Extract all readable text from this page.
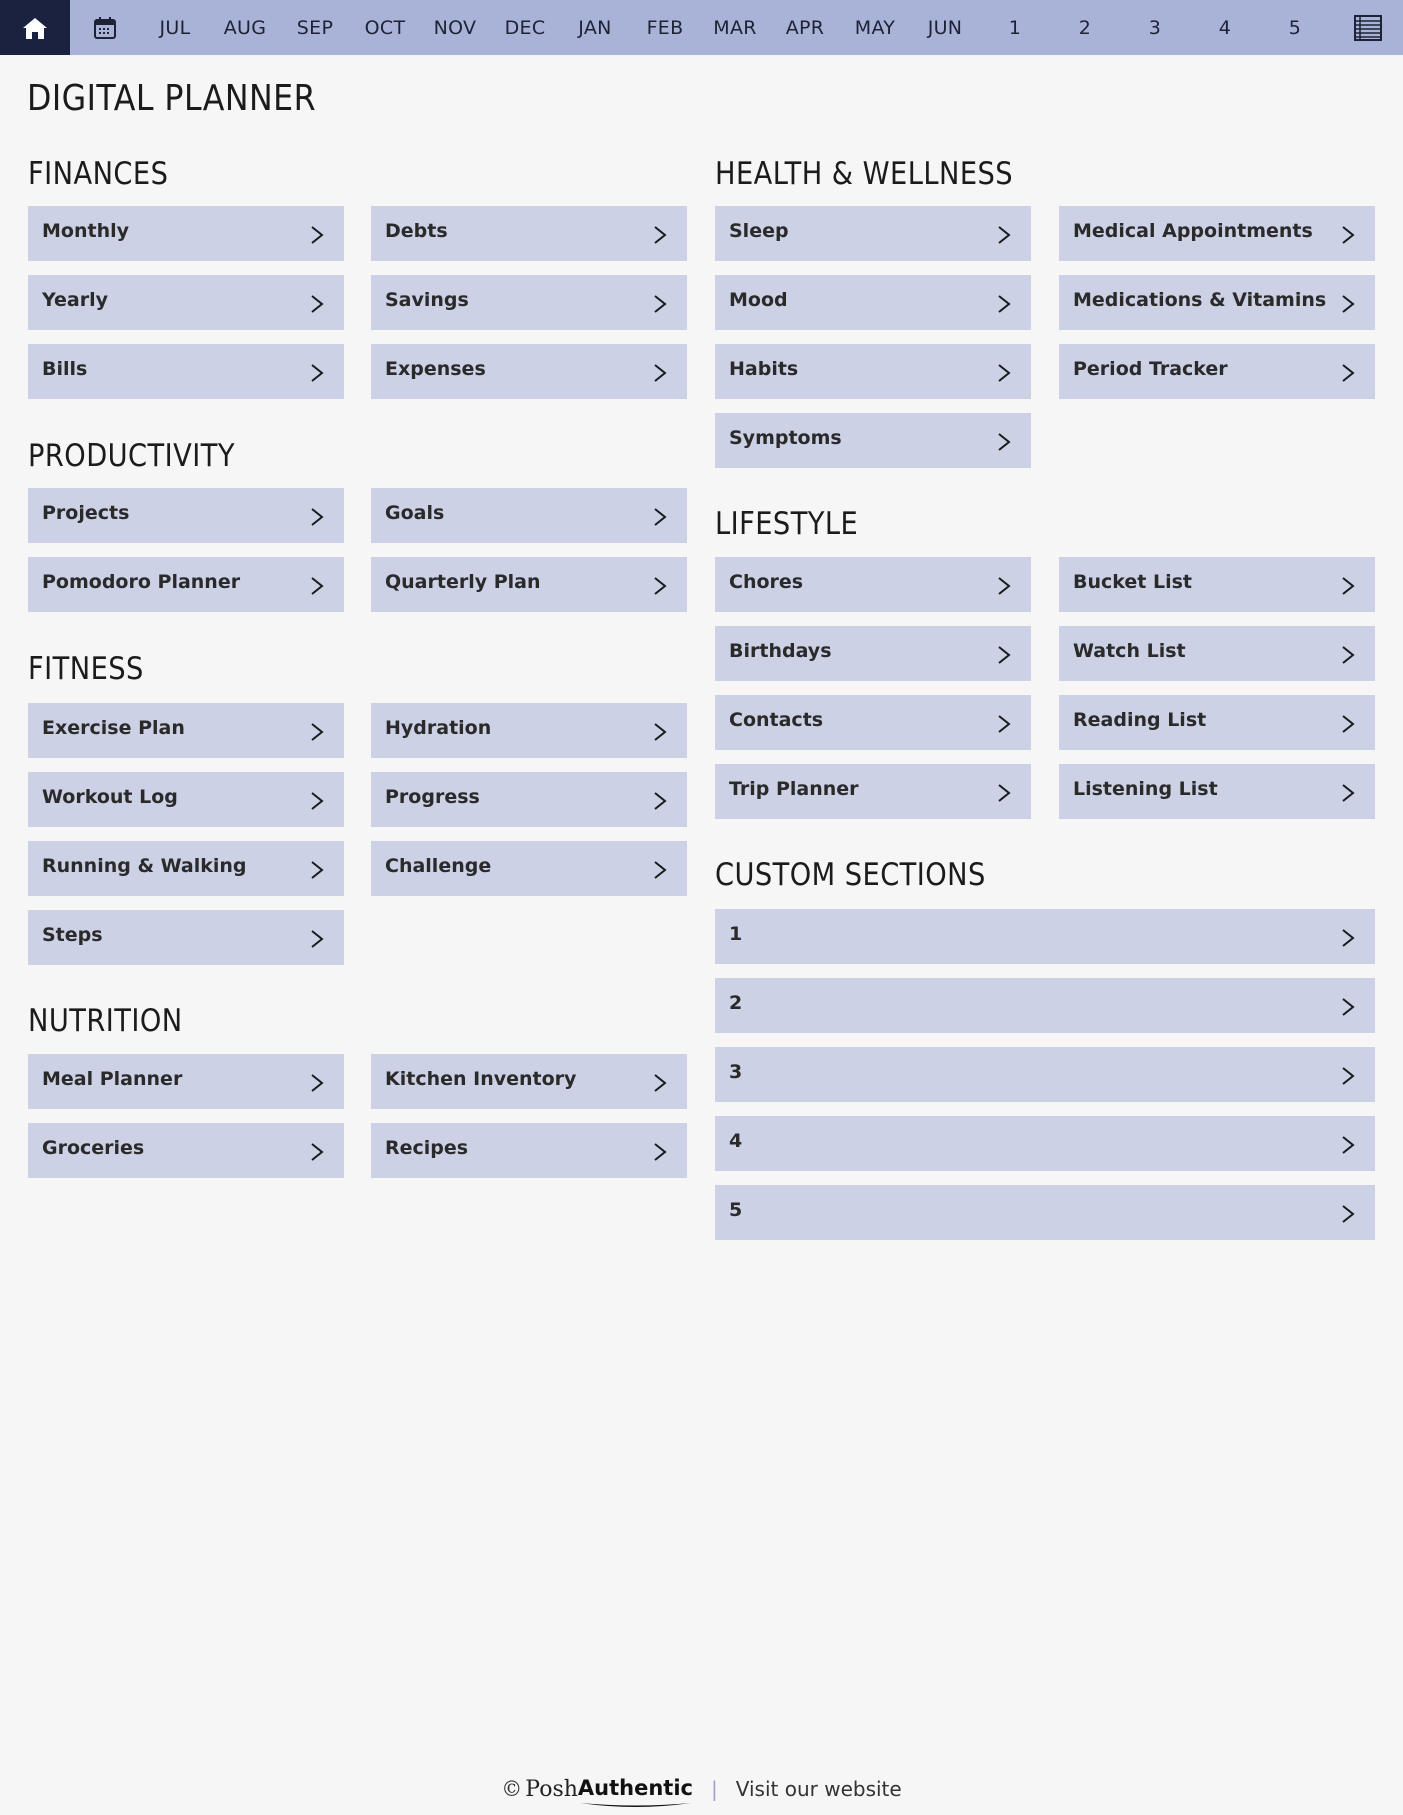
JUL	AUG	SEP	OCT	NOV	DEC	JAN	FEB	MAR	APR	MAY	JUN	1	2	3	4	5
DIGITAL PLANNER
FINANCES
Monthly	Debts
Yearly	Savings
Bills	Expenses
PRODUCTIVITY
Projects	Goals
Pomodoro Planner	Quarterly Plan
FITNESS
Exercise Plan	Hydration
Workout Log	Progress
Running & Walking	Challenge
Steps
NUTRITION
Meal Planner	Kitchen Inventory
Groceries	Recipes
HEALTH & WELLNESS
Sleep	Medical Appointments
Mood	Medications & Vitamins
Habits	Period Tracker
Symptoms
LIFESTYLE
Chores	Bucket List
Birthdays	Watch List
Contacts	Reading List
Trip Planner	Listening List
CUSTOM SECTIONS
1
2
3
4
5
© Posh Authentic | Visit our website
